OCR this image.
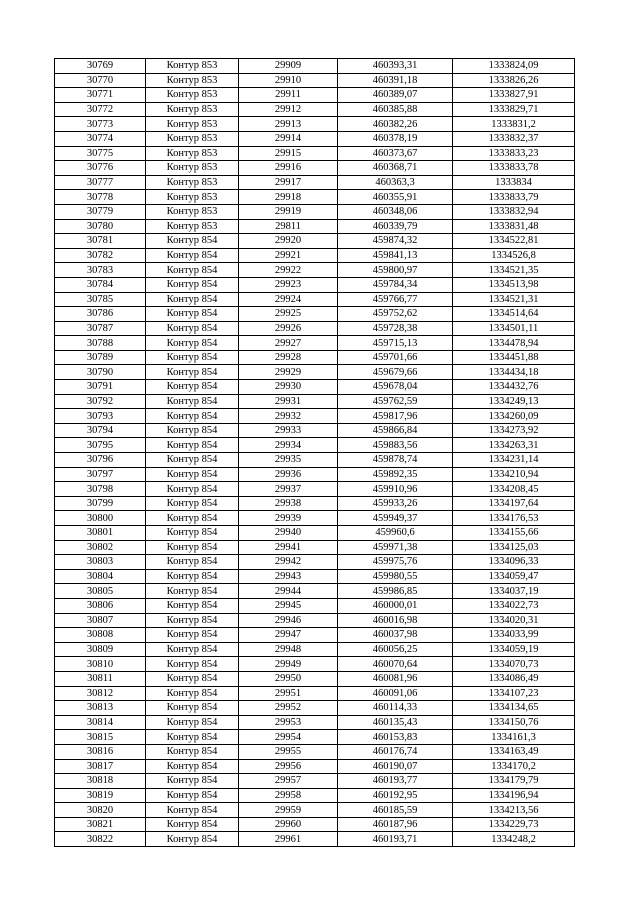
30769	Контур 853	29909	460393,31	1333824,09
30770	Контур 853	29910	460391,18	1333826,26
30771	Контур 853	29911	460389,07	1333827,91
30772	Контур 853	29912	460385,88	1333829,71
30773	Контур 853	29913	460382,26	1333831,2
30774	Контур 853	29914	460378,19	1333832,37
30775	Контур 853	29915	460373,67	1333833,23
30776	Контур 853	29916	460368,71	1333833,78
30777	Контур 853	29917	460363,3	1333834
30778	Контур 853	29918	460355,91	1333833,79
30779	Контур 853	29919	460348,06	1333832,94
30780	Контур 853	29811	460339,79	1333831,48
30781	Контур 854	29920	459874,32	1334522,81
30782	Контур 854	29921	459841,13	1334526,8
30783	Контур 854	29922	459800,97	1334521,35
30784	Контур 854	29923	459784,34	1334513,98
30785	Контур 854	29924	459766,77	1334521,31
30786	Контур 854	29925	459752,62	1334514,64
30787	Контур 854	29926	459728,38	1334501,11
30788	Контур 854	29927	459715,13	1334478,94
30789	Контур 854	29928	459701,66	1334451,88
30790	Контур 854	29929	459679,66	1334434,18
30791	Контур 854	29930	459678,04	1334432,76
30792	Контур 854	29931	459762,59	1334249,13
30793	Контур 854	29932	459817,96	1334260,09
30794	Контур 854	29933	459866,84	1334273,92
30795	Контур 854	29934	459883,56	1334263,31
30796	Контур 854	29935	459878,74	1334231,14
30797	Контур 854	29936	459892,35	1334210,94
30798	Контур 854	29937	459910,96	1334208,45
30799	Контур 854	29938	459933,26	1334197,64
30800	Контур 854	29939	459949,37	1334176,53
30801	Контур 854	29940	459960,6	1334155,66
30802	Контур 854	29941	459971,38	1334125,03
30803	Контур 854	29942	459975,76	1334096,33
30804	Контур 854	29943	459980,55	1334059,47
30805	Контур 854	29944	459986,85	1334037,19
30806	Контур 854	29945	460000,01	1334022,73
30807	Контур 854	29946	460016,98	1334020,31
30808	Контур 854	29947	460037,98	1334033,99
30809	Контур 854	29948	460056,25	1334059,19
30810	Контур 854	29949	460070,64	1334070,73
30811	Контур 854	29950	460081,96	1334086,49
30812	Контур 854	29951	460091,06	1334107,23
30813	Контур 854	29952	460114,33	1334134,65
30814	Контур 854	29953	460135,43	1334150,76
30815	Контур 854	29954	460153,83	1334161,3
30816	Контур 854	29955	460176,74	1334163,49
30817	Контур 854	29956	460190,07	1334170,2
30818	Контур 854	29957	460193,77	1334179,79
30819	Контур 854	29958	460192,95	1334196,94
30820	Контур 854	29959	460185,59	1334213,56
30821	Контур 854	29960	460187,96	1334229,73
30822	Контур 854	29961	460193,71	1334248,2
